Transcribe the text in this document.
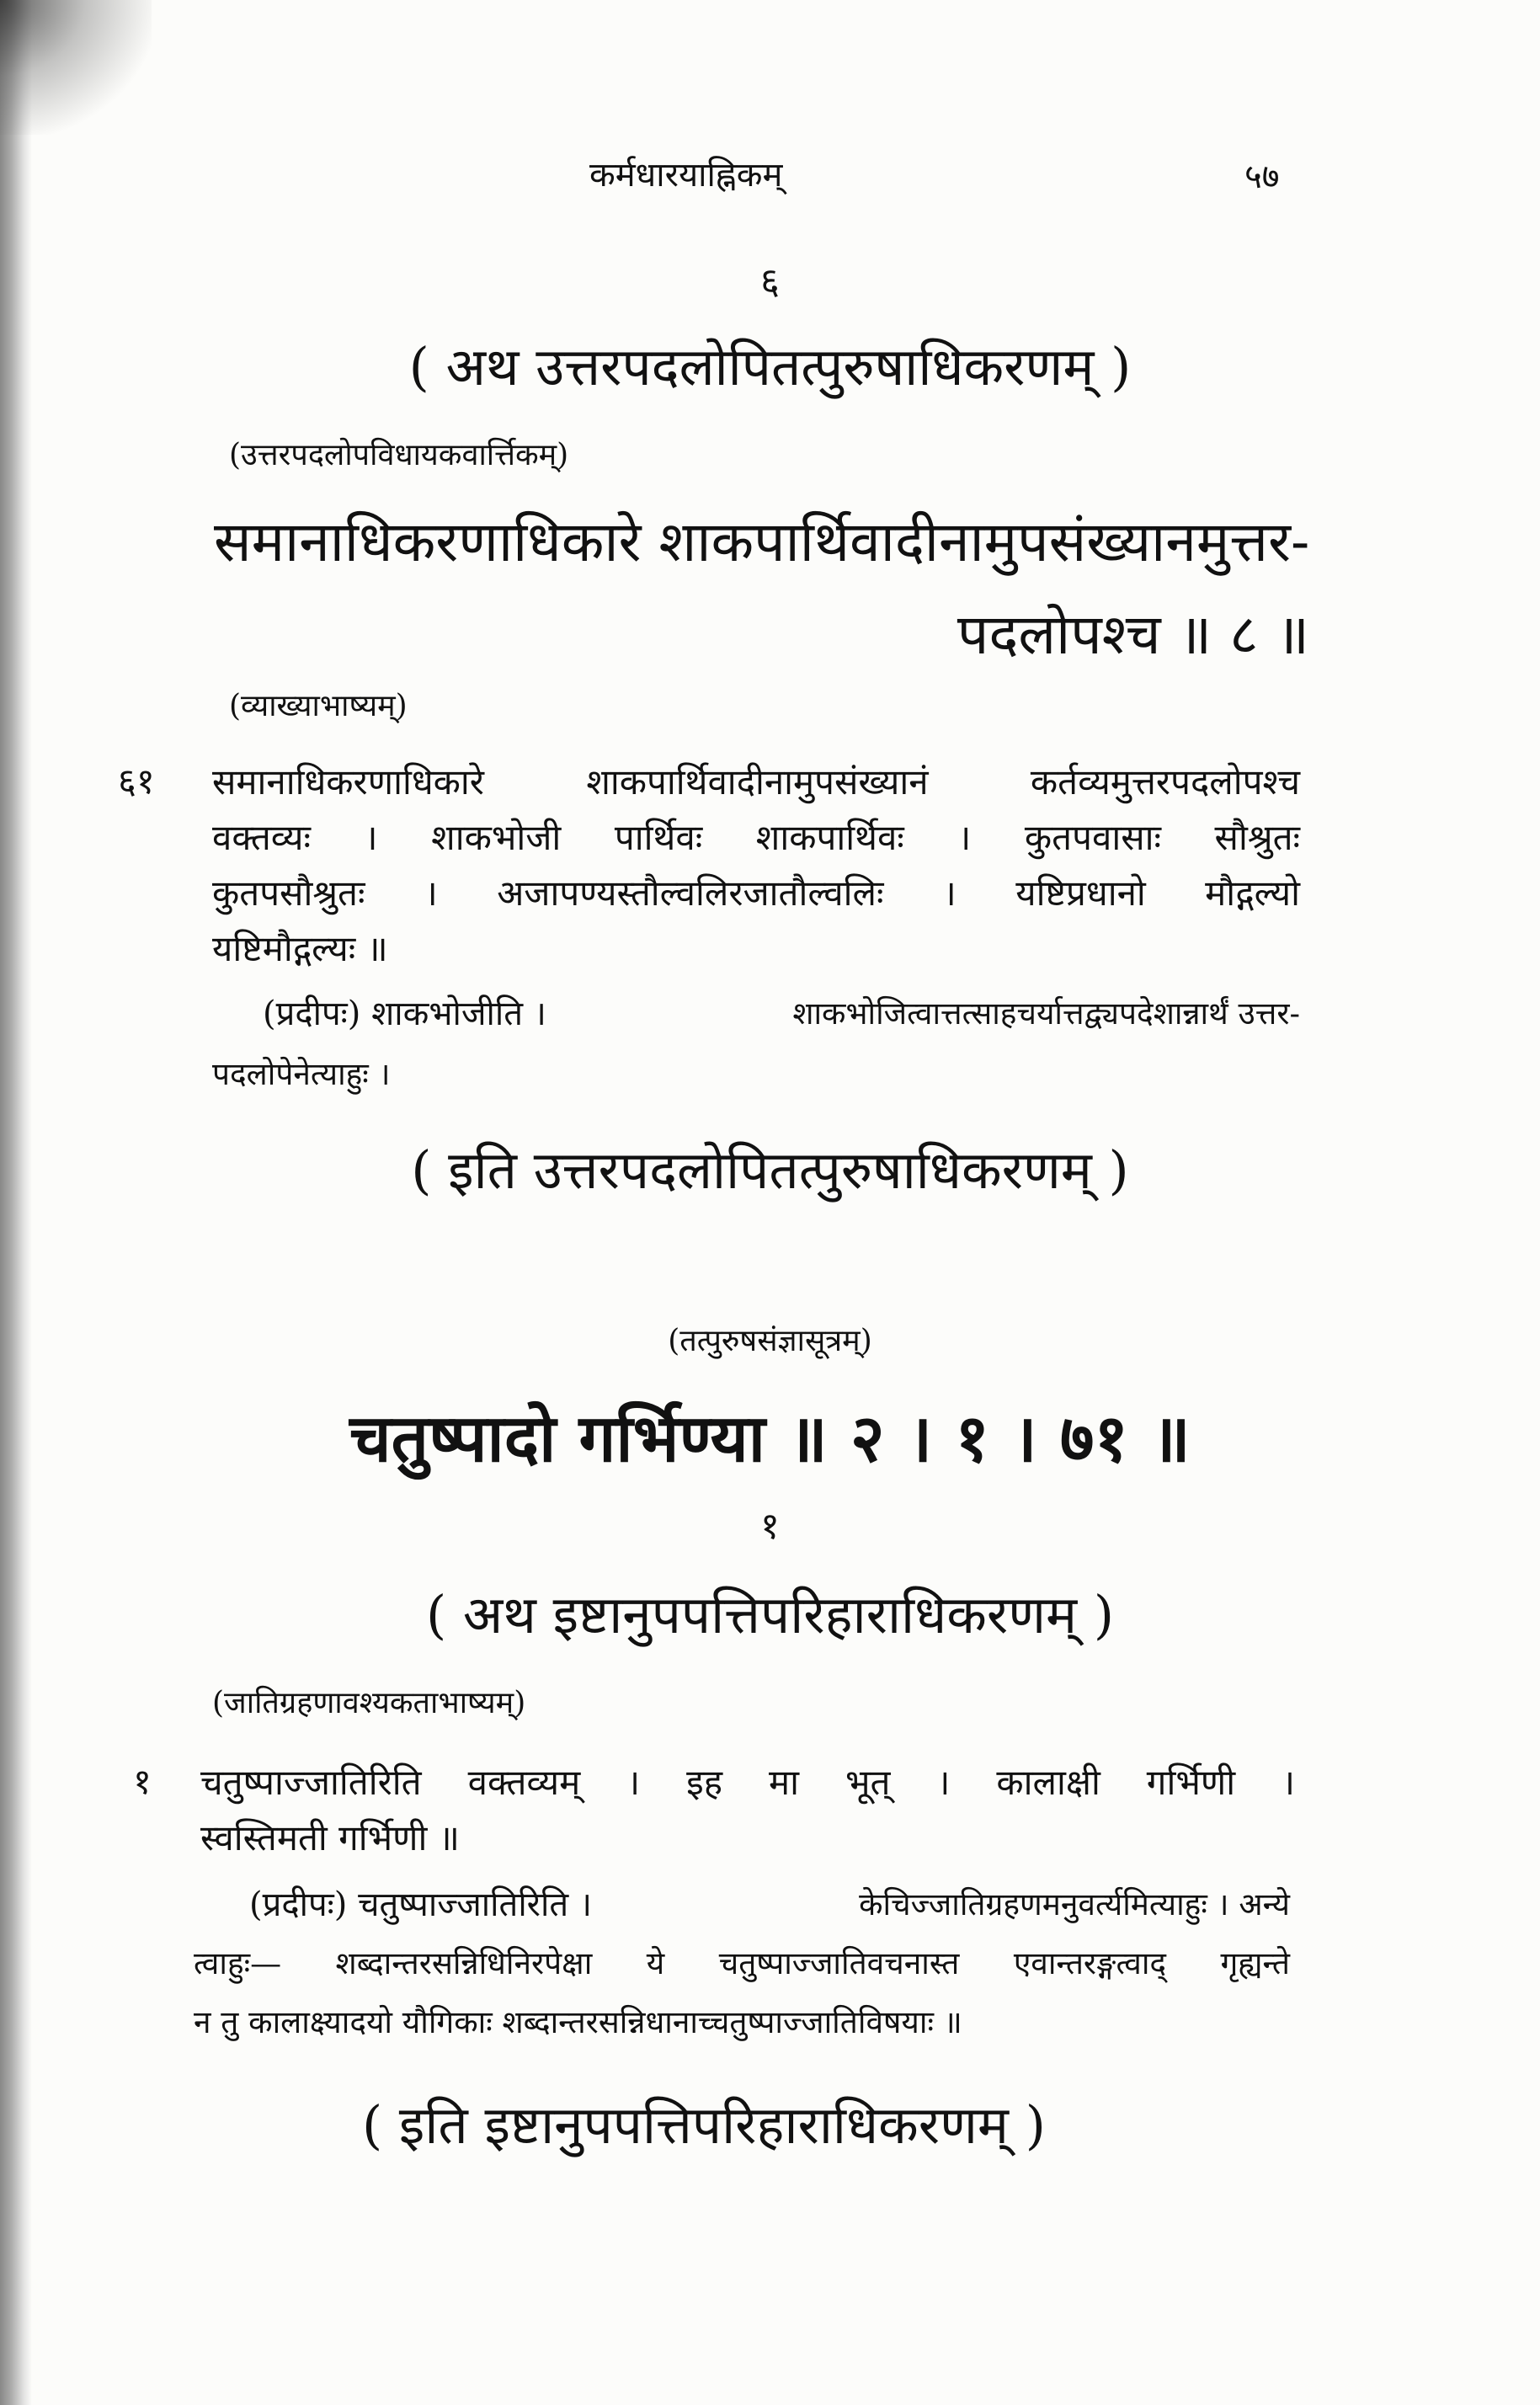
कर्मधारयाह्निकम्	५७
६
( अथ उत्तरपदलोपितत्पुरुषाधिकरणम् )
(उत्तरपदलोपविधायकवार्त्तिकम्)
समानाधिकरणाधिकारे शाकपार्थिवादीनामुपसंख्यानमुत्तर-
पदलोपश्च ॥ ८ ॥
(व्याख्याभाष्यम्)
६१ समानाधिकरणाधिकारे शाकपार्थिवादीनामुपसंख्यानं कर्तव्यमुत्तरपदलोपश्च
वक्तव्यः । शाकभोजी पार्थिवः शाकपार्थिवः । कुतपवासाः सौश्रुतः
कुतपसौश्रुतः । अजापण्यस्तौल्वलिरजातौल्वलिः । यष्टिप्रधानो मौद्गल्यो
यष्टिमौद्गल्यः ॥
(प्रदीपः) शाकभोजीति ।	शाकभोजित्वात्तत्साहचर्यात्तद्व्यपदेशान्नार्थं उत्तर-
पदलोपेनेत्याहुः ।
( इति उत्तरपदलोपितत्पुरुषाधिकरणम् )
(तत्पुरुषसंज्ञासूत्रम्)
चतुष्पादो गर्भिण्या ॥ २ । १ । ७१ ॥
१
( अथ इष्टानुपपत्तिपरिहाराधिकरणम् )
(जातिग्रहणावश्यकताभाष्यम्)
१ चतुष्पाज्जातिरिति वक्तव्यम् । इह मा भूत् । कालाक्षी गर्भिणी ।
स्वस्तिमती गर्भिणी ॥
(प्रदीपः) चतुष्पाज्जातिरिति ।	केचिज्जातिग्रहणमनुवर्त्यमित्याहुः । अन्ये
त्वाहुः— शब्दान्तरसन्निधिनिरपेक्षा ये चतुष्पाज्जातिवचनास्त एवान्तरङ्गत्वाद् गृह्यन्ते
न तु कालाक्ष्यादयो यौगिकाः शब्दान्तरसन्निधानाच्चतुष्पाज्जातिविषयाः ॥
( इति इष्टानुपपत्तिपरिहाराधिकरणम् )
